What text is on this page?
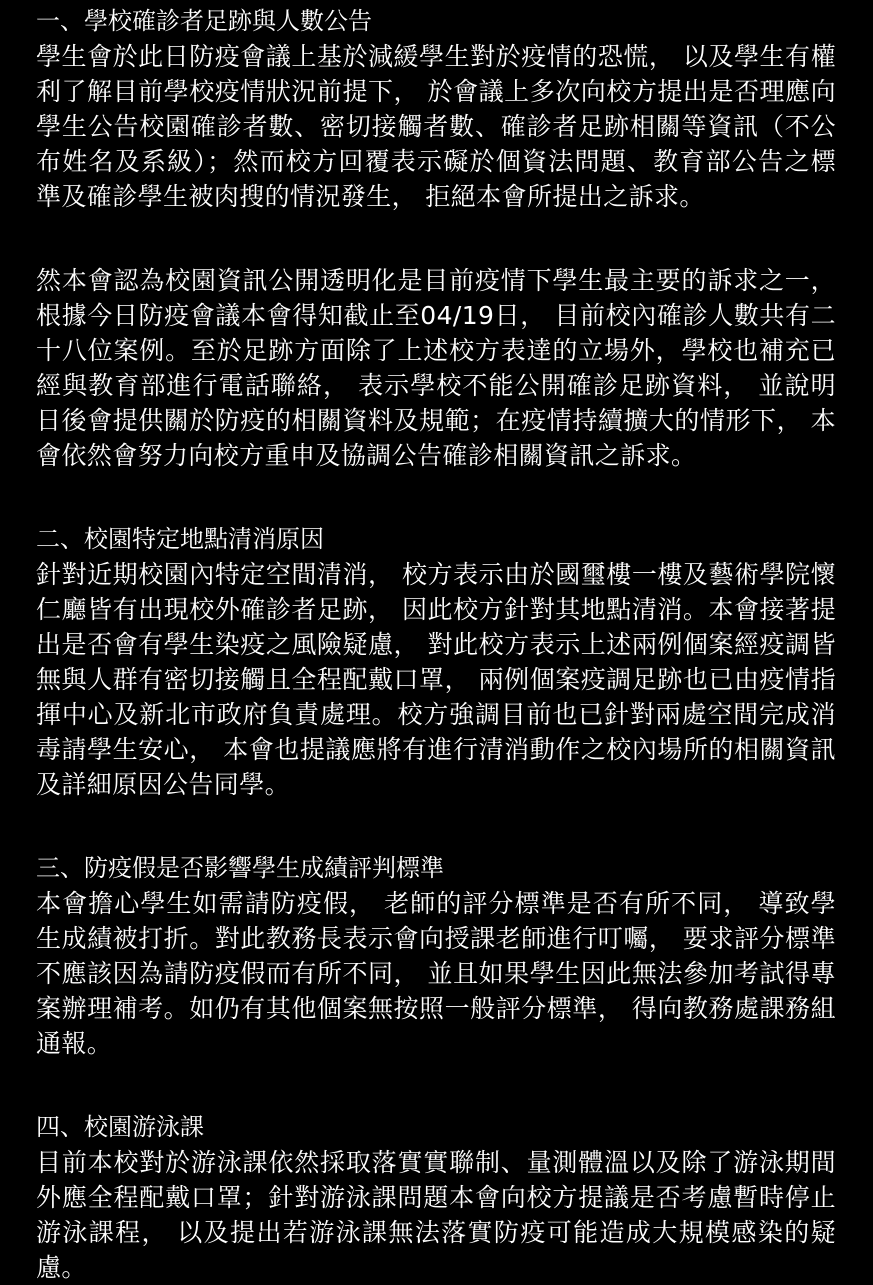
一、學校確診者足跡與人數公告

學生會於此日防疫會議上基於減緩學生對於疫情的恐慌， 以及學生有權利了解目前學校疫情狀況前提下， 於會議上多次向校方提出是否理應向學生公告校園確診者數、密切接觸者數、確診者足跡相關等資訊（不公布姓名及系級）；然而校方回覆表示礙於個資法問題、教育部公告之標準及確診學生被肉搜的情況發生， 拒絕本會所提出之訴求。

然本會認為校園資訊公開透明化是目前疫情下學生最主要的訴求之一， 根據今日防疫會議本會得知截止至04/19日， 目前校內確診人數共有二十八位案例。至於足跡方面除了上述校方表達的立場外，學校也補充已經與教育部進行電話聯絡， 表示學校不能公開確診足跡資料， 並說明日後會提供關於防疫的相關資料及規範；在疫情持續擴大的情形下， 本會依然會努力向校方重申及協調公告確診相關資訊之訴求。

二、校園特定地點清消原因

針對近期校園內特定空間清消， 校方表示由於國璽樓一樓及藝術學院懷仁廳皆有出現校外確診者足跡， 因此校方針對其地點清消。本會接著提出是否會有學生染疫之風險疑慮， 對此校方表示上述兩例個案經疫調皆無與人群有密切接觸且全程配戴口罩， 兩例個案疫調足跡也已由疫情指揮中心及新北市政府負責處理。校方強調目前也已針對兩處空間完成消毒請學生安心， 本會也提議應將有進行清消動作之校內場所的相關資訊及詳細原因公告同學。

三、防疫假是否影響學生成績評判標準

本會擔心學生如需請防疫假， 老師的評分標準是否有所不同， 導致學生成績被打折。對此教務長表示會向授課老師進行叮囑， 要求評分標準不應該因為請防疫假而有所不同， 並且如果學生因此無法參加考試得專案辦理補考。如仍有其他個案無按照一般評分標準， 得向教務處課務組通報。

四、校園游泳課

目前本校對於游泳課依然採取落實實聯制、量測體溫以及除了游泳期間外應全程配戴口罩；針對游泳課問題本會向校方提議是否考慮暫時停止游泳課程， 以及提出若游泳課無法落實防疫可能造成大規模感染的疑慮。
